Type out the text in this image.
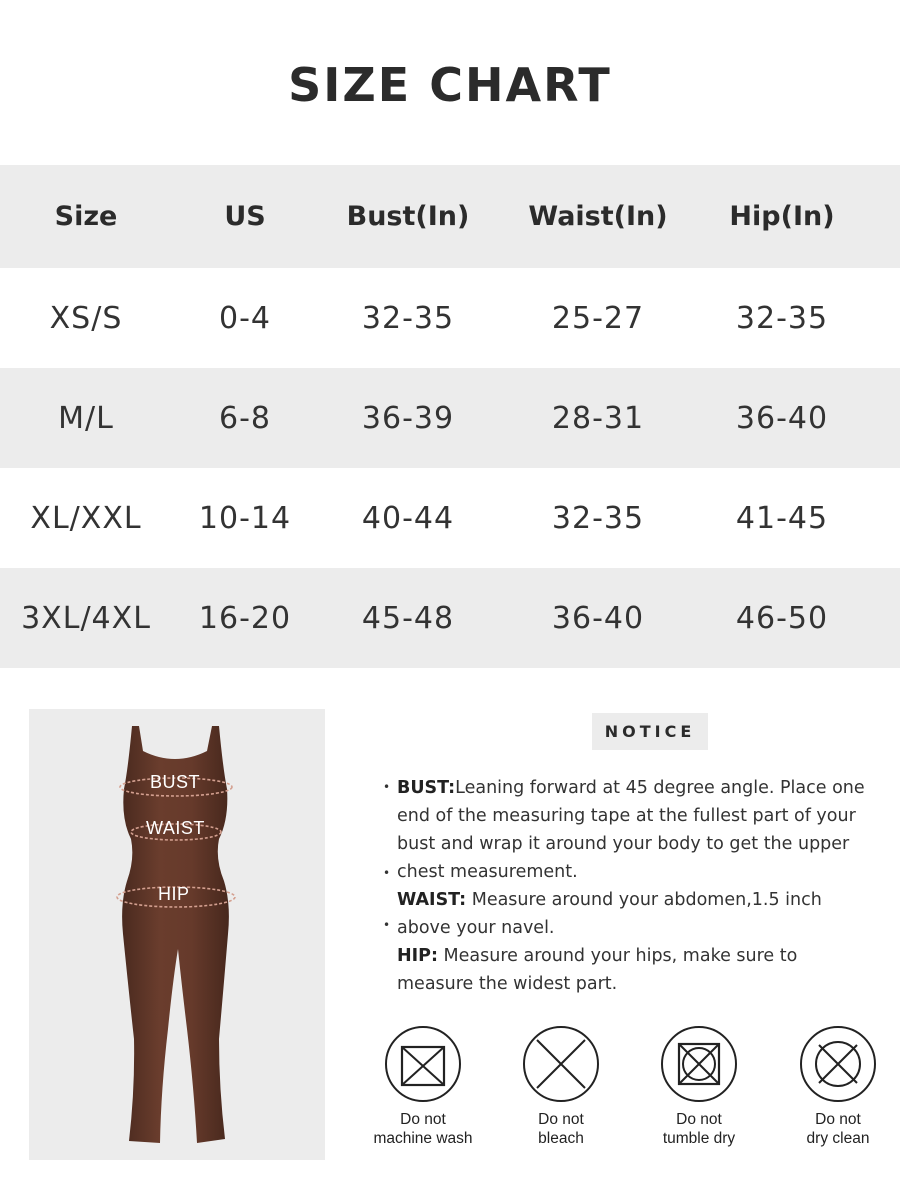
SIZE CHART
Size	US	Bust(In)	Waist(In)	Hip(In)
XS/S	0-4	32-35	25-27	32-35
M/L	6-8	36-39	28-31	36-40
XL/XXL	10-14	40-44	32-35	41-45
3XL/4XL	16-20	45-48	36-40	46-50
BUST
WAIST
HIP
NOTICE
•
•
•

BUST:Leaning forward at 45 degree angle. Place one end of the measuring tape at the fullest part of your bust and wrap it around your body to get the upper chest measurement.

WAIST: Measure around your abdomen,1.5 inch above your navel.

HIP: Measure around your hips, make sure to measure the widest part.

Do not
machine wash
Do not
bleach
Do not
tumble dry
Do not
dry clean
